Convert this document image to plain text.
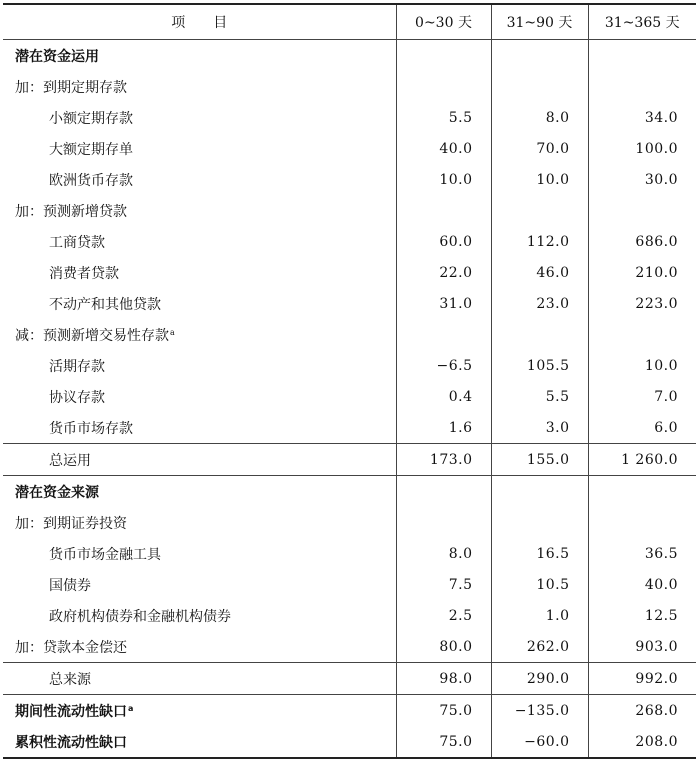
项　　目	0~30 天	31~90 天	31~365 天
潜在资金运用			
加：到期定期存款			
小额定期存款	5.5	8.0	34.0
大额定期存单	40.0	70.0	100.0
欧洲货币存款	10.0	10.0	30.0
加：预测新增贷款			
工商贷款	60.0	112.0	686.0
消费者贷款	22.0	46.0	210.0
不动产和其他贷款	31.0	23.0	223.0
减：预测新增交易性存款$^a$			
活期存款	−6.5	105.5	10.0
协议存款	0.4	5.5	7.0
货币市场存款	1.6	3.0	6.0
总运用	173.0	155.0	1 260.0
潜在资金来源			
加：到期证券投资			
货币市场金融工具	8.0	16.5	36.5
国债券	7.5	10.5	40.0
政府机构债券和金融机构债券	2.5	1.0	12.5
加：贷款本金偿还	80.0	262.0	903.0
总来源	98.0	290.0	992.0
期间性流动性缺口$^a$	75.0	−135.0	268.0
累积性流动性缺口	75.0	−60.0	208.0
